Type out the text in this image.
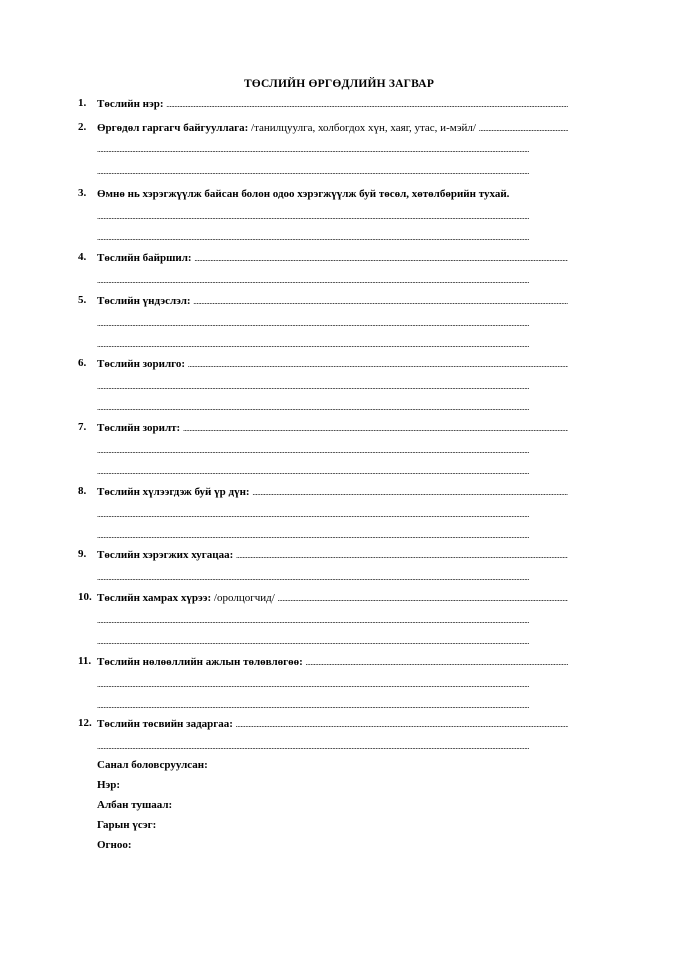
ТӨСЛИЙН ӨРГӨДЛИЙН ЗАГВАР
1. Төслийн нэр: . . .
2. Өргөдөл гаргагч байгууллага: /танилцуулга, холбогдох хүн, хаяг, утас, и-мэйл/ . . .
. . .
. . .
3. Өмнө нь хэрэгжүүлж байсан болон одоо хэрэгжүүлж буй төсөл, хөтөлбөрийн тухай.
. . .
. . .
4. Төслийн байршил: . . .
. . .
5. Төслийн үндэслэл: . . .
. . .
. . .
6. Төслийн зорилго: . . .
. . .
. . .
7. Төслийн зорилт: . . .
. . .
. . .
8. Төслийн хүлээгдэж буй үр дүн: . . .
. . .
. . .
9. Төслийн хэрэгжих хугацаа: . . .
. . .
10. Төслийн хамрах хүрээ: /оролцогчид/ . . .
. . .
. . .
11. Төслийн нөлөөллийн ажлын төлөвлөгөө: . . .
. . .
. . .
12. Төслийн төсвийн задаргаа: . . .
. . .
Санал боловсруулсан:
Нэр:
Албан тушаал:
Гарын үсэг:
Огноо:
